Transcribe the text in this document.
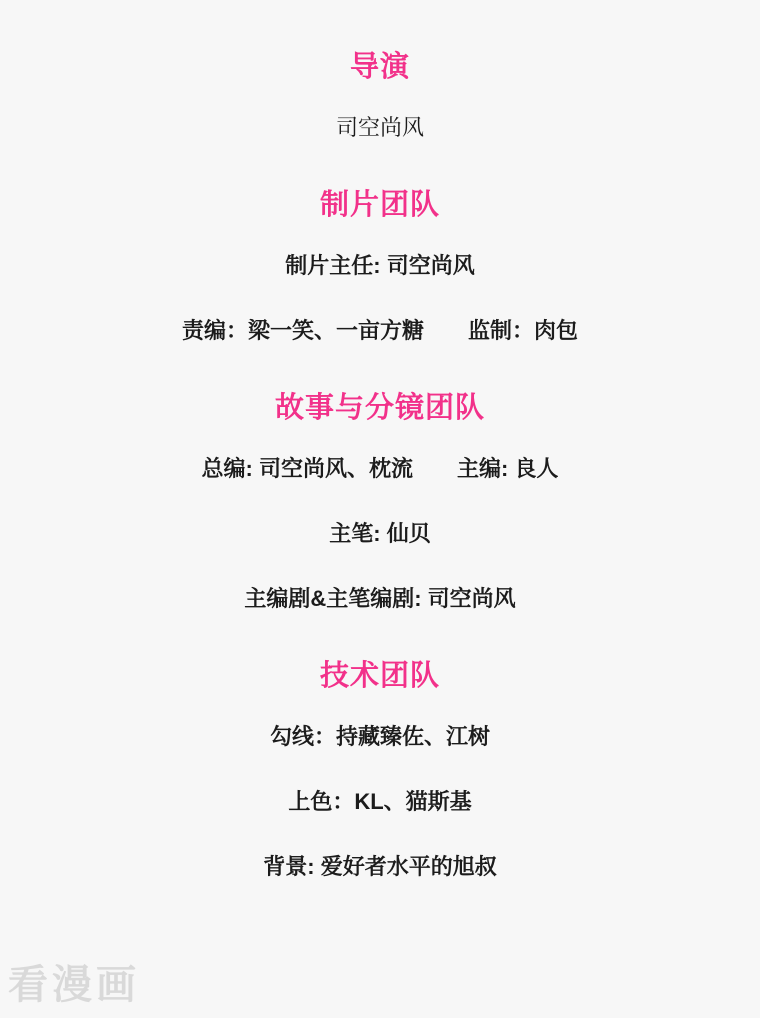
导演
司空尚风
制片团队
制片主任: 司空尚风
责编：梁一笑、一亩方糖　　监制：肉包
故事与分镜团队
总编: 司空尚风、枕流　　主编: 良人
主笔: 仙贝
主编剧&主笔编剧: 司空尚风
技术团队
勾线：持藏臻佐、江树
上色：KL、猫斯基
背景: 爱好者水平的旭叔
看漫画
